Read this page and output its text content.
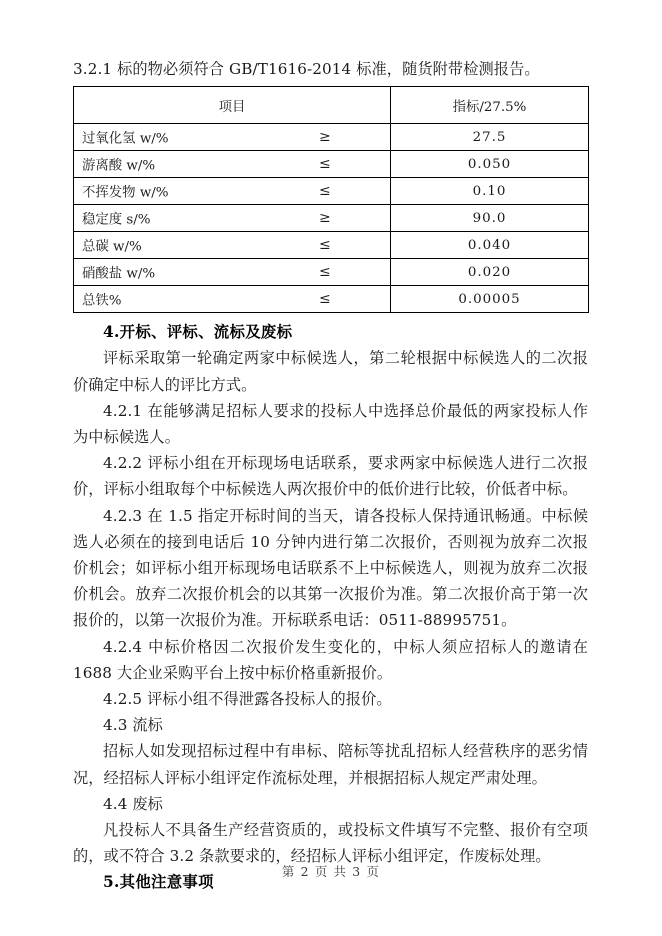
3.2.1 标的物必须符合 GB/T1616-2014 标准，随货附带检测报告。

项目	指标/27.5%

过氧化氢 w/% ≥	27.5

游离酸 w/% ≤	0.050

不挥发物 w/% ≤	0.10

稳定度 s/% ≥	90.0

总碳 w/% ≤	0.040

硝酸盐 w/% ≤	0.020

总铁% ≤	0.00005

4.开标、评标、流标及废标

评标采取第一轮确定两家中标候选人，第二轮根据中标候选人的二次报价确定中标人的评比方式。

4.2.1 在能够满足招标人要求的投标人中选择总价最低的两家投标人作为中标候选人。

4.2.2 评标小组在开标现场电话联系，要求两家中标候选人进行二次报价，评标小组取每个中标候选人两次报价中的低价进行比较，价低者中标。

4.2.3 在 1.5 指定开标时间的当天，请各投标人保持通讯畅通。中标候选人必须在的接到电话后 10 分钟内进行第二次报价，否则视为放弃二次报价机会；如评标小组开标现场电话联系不上中标候选人，则视为放弃二次报价机会。放弃二次报价机会的以其第一次报价为准。第二次报价高于第一次报价的，以第一次报价为准。开标联系电话：0511-88995751。

4.2.4 中标价格因二次报价发生变化的，中标人须应招标人的邀请在 1688 大企业采购平台上按中标价格重新报价。

4.2.5 评标小组不得泄露各投标人的报价。

4.3 流标

招标人如发现招标过程中有串标、陪标等扰乱招标人经营秩序的恶劣情况，经招标人评标小组评定作流标处理，并根据招标人规定严肃处理。

4.4 废标

凡投标人不具备生产经营资质的，或投标文件填写不完整、报价有空项的，或不符合 3.2 条款要求的，经招标人评标小组评定，作废标处理。

5.其他注意事项

第 2 页 共 3 页
